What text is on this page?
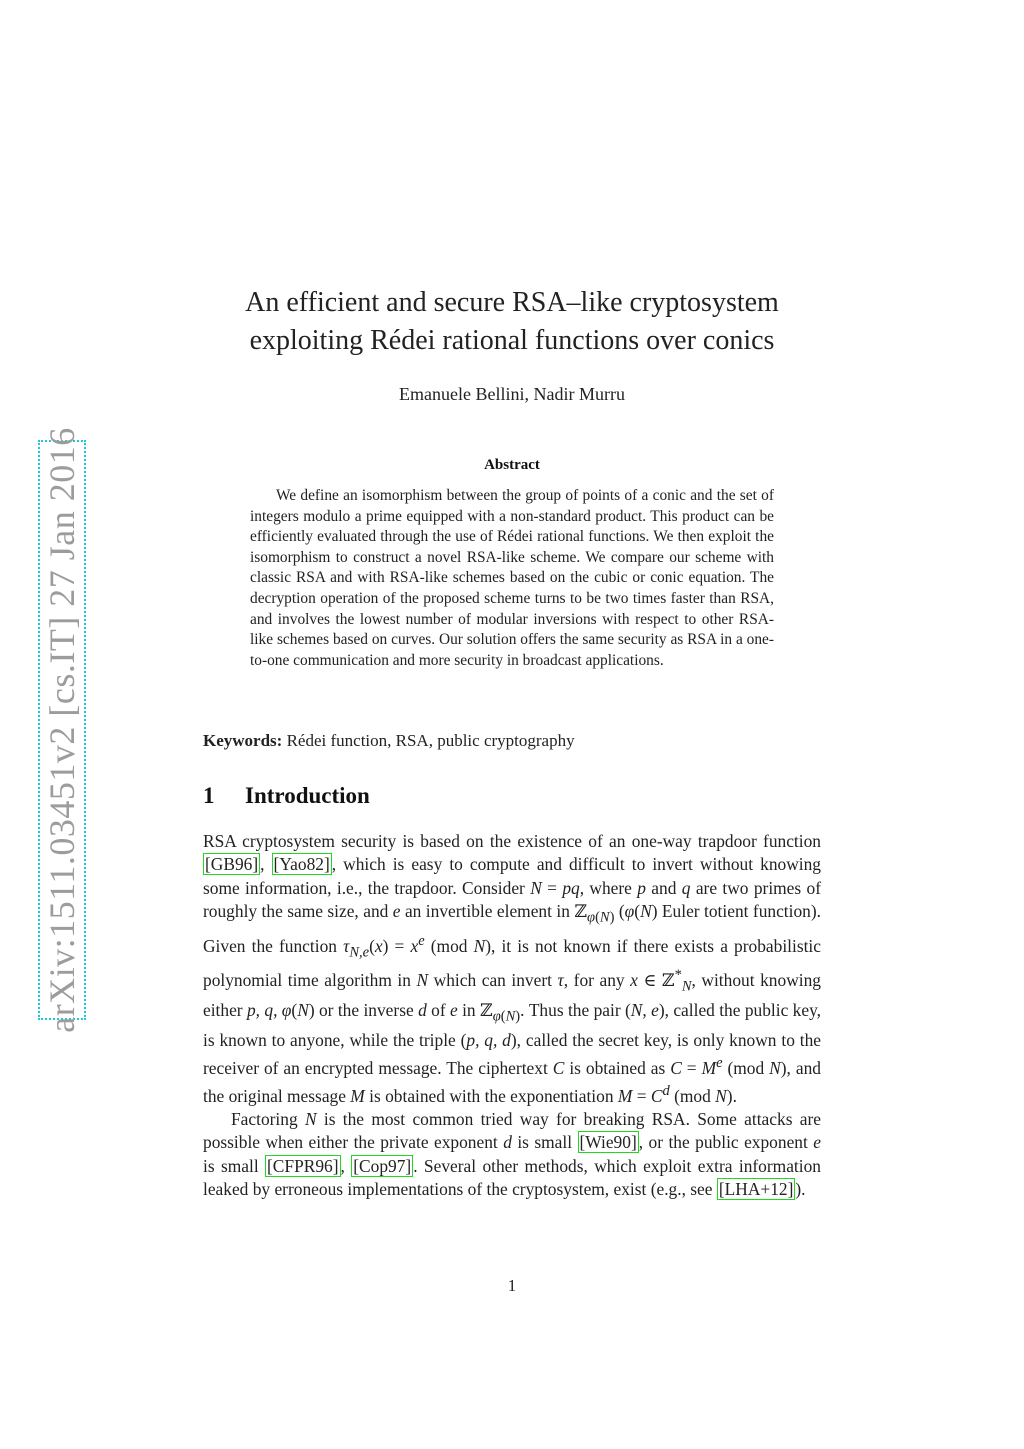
arXiv:1511.03451v2 [cs.IT] 27 Jan 2016
An efficient and secure RSA–like cryptosystem
exploiting Rédei rational functions over conics
Emanuele Bellini, Nadir Murru
Abstract
We define an isomorphism between the group of points of a conic and the set of integers modulo a prime equipped with a non-standard product. This product can be efficiently evaluated through the use of Rédei rational functions. We then exploit the isomorphism to construct a novel RSA-like scheme. We compare our scheme with classic RSA and with RSA-like schemes based on the cubic or conic equation. The decryption operation of the proposed scheme turns to be two times faster than RSA, and involves the lowest number of modular inversions with respect to other RSA-like schemes based on curves. Our solution offers the same security as RSA in a one-to-one communication and more security in broadcast applications.
Keywords: Rédei function, RSA, public cryptography
1 Introduction

RSA cryptosystem security is based on the existence of an one-way trapdoor function [GB96] , [Yao82] , which is easy to compute and difficult to invert without knowing some information, i.e., the trapdoor. Consider N = pq, where p and q are two primes of roughly the same size, and e an invertible element in ℤ$_{\varphi(N)}$ (φ(N) Euler totient function). Given the function $\tau_{N,e}(x) = x^e$ (mod N), it is not known if there exists a probabilistic polynomial time algorithm in N which can invert τ, for any x ∈ ℤ*$_N$, without knowing either p, q, φ(N) or the inverse d of e in ℤ$_{\varphi(N)}$. Thus the pair (N, e), called the public key, is known to anyone, while the triple (p, q, d), called the secret key, is only known to the receiver of an encrypted message. The ciphertext C is obtained as $C = M^e$ (mod N), and the original message M is obtained with the exponentiation $M = C^d$ (mod N).

Factoring N is the most common tried way for breaking RSA. Some attacks are possible when either the private exponent d is small [Wie90] , or the public exponent e is small [CFPR96] , [Cop97] . Several other methods, which exploit extra information leaked by erroneous implementations of the cryptosystem, exist (e.g., see [LHA+12] ).

1
